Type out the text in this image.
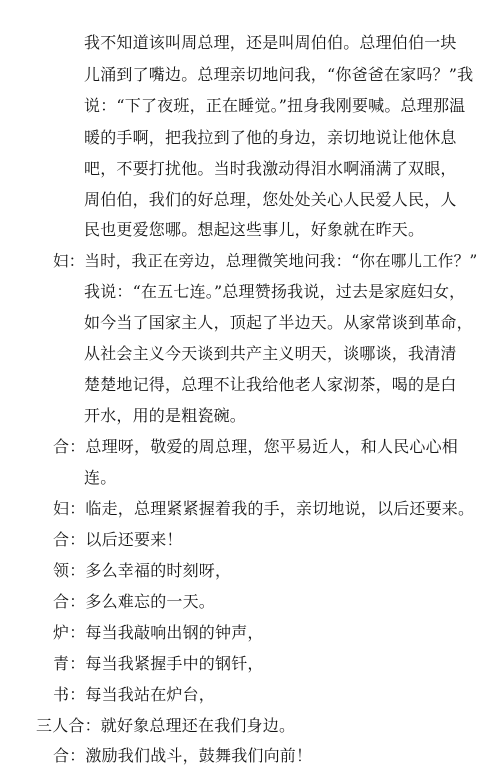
我不知道该叫周总理，还是叫周伯伯。总理伯伯一块
儿涌到了嘴边。总理亲切地问我，“你爸爸在家吗？”我
说：“下了夜班，正在睡觉。”扭身我刚要喊。总理那温
暖的手啊，把我拉到了他的身边，亲切地说让他休息
吧，不要打扰他。当时我激动得泪水啊涌满了双眼，
周伯伯，我们的好总理，您处处关心人民爱人民，人
民也更爱您哪。想起这些事儿，好象就在昨天。
妇：当时，我正在旁边，总理微笑地问我：“你在哪儿工作？”
我说：“在五七连。”总理赞扬我说，过去是家庭妇女，
如今当了国家主人，顶起了半边天。从家常谈到革命，
从社会主义今天谈到共产主义明天，谈哪谈，我清清
楚楚地记得，总理不让我给他老人家沏茶，喝的是白
开水，用的是粗瓷碗。
合：总理呀，敬爱的周总理，您平易近人，和人民心心相
连。
妇：临走，总理紧紧握着我的手，亲切地说，以后还要来。
合：以后还要来！
领：多么幸福的时刻呀，
合：多么难忘的一天。
炉：每当我敲响出钢的钟声，
青：每当我紧握手中的钢钎，
书：每当我站在炉台，
三人合：就好象总理还在我们身边。
合：激励我们战斗，鼓舞我们向前！
